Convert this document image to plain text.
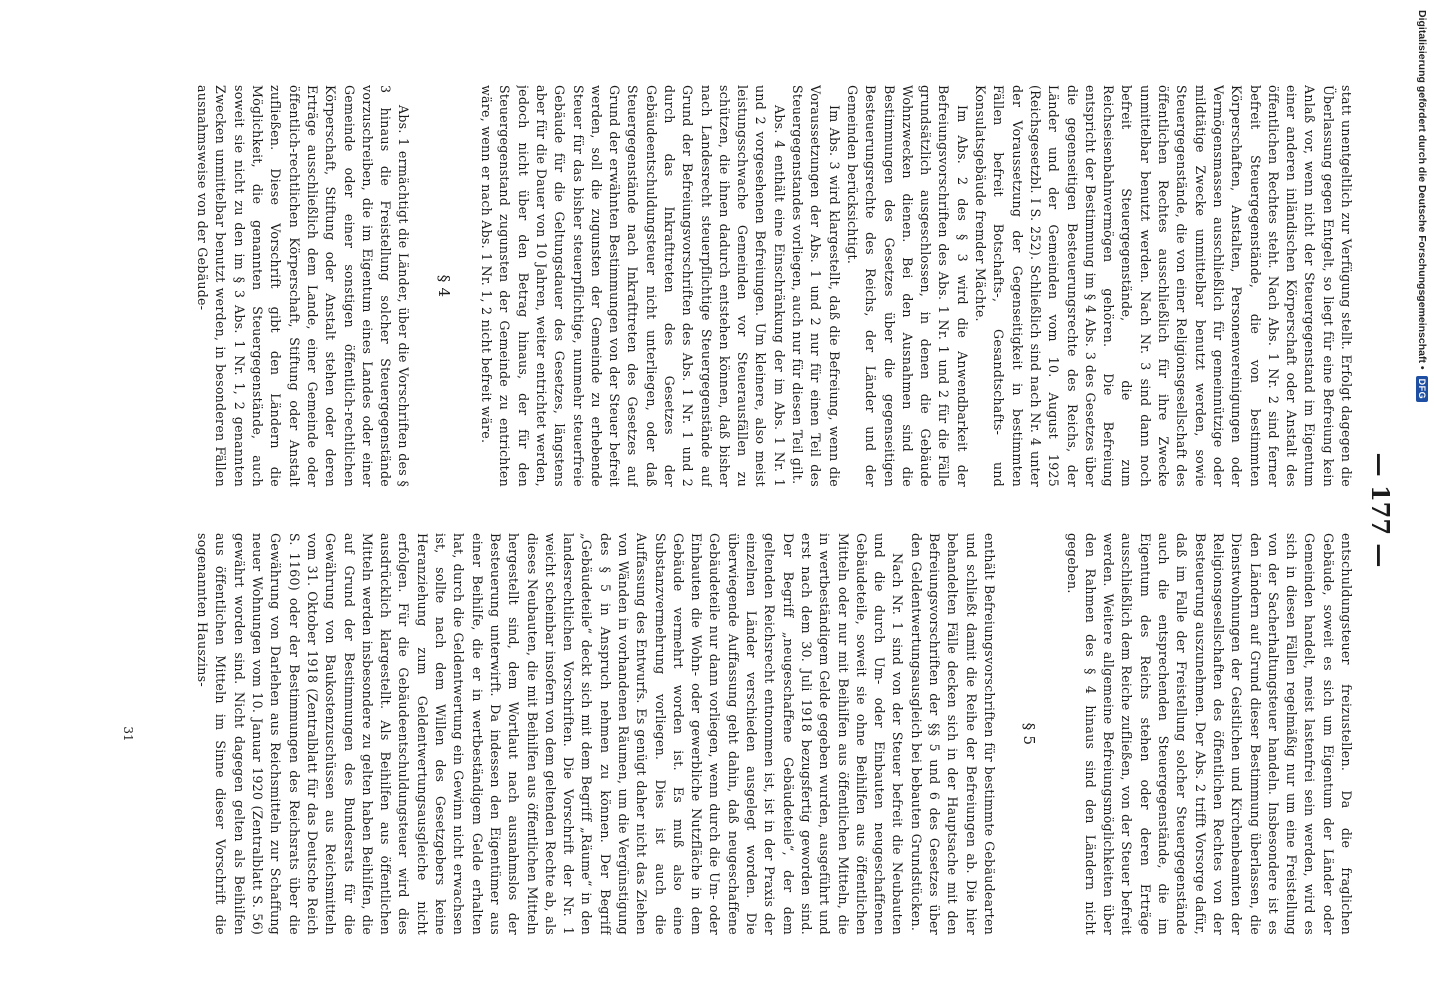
— 177 —

statt unentgeltlich zur Verfügung stellt. Erfolgt dagegen die Überlassung gegen Entgelt, so liegt für eine Befreiung kein Anlaß vor, wenn nicht der Steuergegenstand im Eigentum einer anderen inländischen Körperschaft oder Anstalt des öffentlichen Rechtes steht. Nach Abs. 1 Nr. 2 sind ferner befreit Steuergegenstände, die von bestimmten Körperschaften, Anstalten, Personenvereinigungen oder Vermögensmassen ausschließlich für gemeinnützige oder mildtätige Zwecke unmittelbar benutzt werden, sowie Steuergegenstände, die von einer Religionsgesellschaft des öffentlichen Rechtes ausschließlich für ihre Zwecke unmittelbar benutzt werden. Nach Nr. 3 sind dann noch befreit Steuergegenstände, die zum Reichseisenbahnvermögen gehören. Die Befreiung entspricht der Bestimmung im § 4 Abs. 3 des Gesetzes über die gegenseitigen Besteuerungsrechte des Reichs, der Länder und der Gemeinden vom 10. August 1925 (Reichsgesetzbl. I S. 252). Schließlich sind nach Nr. 4 unter der Voraussetzung der Gegenseitigkeit in bestimmten Fällen befreit Botschafts-, Gesandtschafts- und Konsulatsgebäude fremder Mächte.

Im Abs. 2 des § 3 wird die Anwendbarkeit der Befreiungsvorschriften des Abs. 1 Nr. 1 und 2 für die Fälle grundsätzlich ausgeschlossen, in denen die Gebäude Wohnzwecken dienen. Bei den Ausnahmen sind die Bestimmungen des Gesetzes über die gegenseitigen Besteuerungsrechte des Reichs, der Länder und der Gemeinden berücksichtigt.

Im Abs. 3 wird klargestellt, daß die Befreiung, wenn die Voraussetzungen der Abs. 1 und 2 nur für einen Teil des Steuergegenstandes vorliegen, auch nur für diesen Teil gilt.

Abs. 4 enthält eine Einschränkung der im Abs. 1 Nr. 1 und 2 vorgesehenen Befreiungen. Um kleinere, also meist leistungsschwache Gemeinden vor Steuerausfällen zu schützen, die ihnen dadurch entstehen können, daß bisher nach Landesrecht steuerpflichtige Steuergegenstände auf Grund der Befreiungsvorschriften des Abs. 1 Nr. 1 und 2 durch das Inkrafttreten des Gesetzes der Gebäudeentschuldungsteuer nicht unterliegen, oder daß Steuergegenstände nach Inkrafttreten des Gesetzes auf Grund der erwähnten Bestimmungen von der Steuer befreit werden, soll die zugunsten der Gemeinde zu erhebende Steuer für das bisher steuerpflichtige, nunmehr steuerfreie Gebäude für die Geltungsdauer des Gesetzes, längstens aber für die Dauer von 10 Jahren, weiter entrichtet werden, jedoch nicht über den Betrag hinaus, der für den Steuergegenstand zugunsten der Gemeinde zu entrichten wäre, wenn er nach Abs. 1 Nr. 1, 2 nicht befreit wäre.

§ 4

Abs. 1 ermächtigt die Länder, über die Vorschriften des § 3 hinaus die Freistellung solcher Steuergegenstände vorzuschreiben, die im Eigentum eines Landes oder einer Gemeinde oder einer sonstigen öffentlich-rechtlichen Körperschaft, Stiftung oder Anstalt stehen oder deren Erträge ausschließlich dem Lande, einer Gemeinde oder öffentlich-rechtlichen Körperschaft, Stiftung oder Anstalt zufließen. Diese Vorschrift gibt den Ländern die Möglichkeit, die genannten Steuergegenstände, auch soweit sie nicht zu den im § 3 Abs. 1 Nr. 1, 2 genannten Zwecken unmittelbar benutzt werden, in besonderen Fällen ausnahmsweise von der Gebäude-

entschuldungsteuer freizustellen. Da die fraglichen Gebäude, soweit es sich um Eigentum der Länder oder Gemeinden handelt, meist lastenfrei sein werden, wird es sich in diesen Fällen regelmäßig nur um eine Freistellung von der Sacherhaltungsteuer handeln. Insbesondere ist es den Ländern auf Grund dieser Bestimmung überlassen, die Dienstwohnungen der Geistlichen und Kirchenbeamten der Religionsgesellschaften des öffentlichen Rechtes von der Besteuerung auszunehmen. Der Abs. 2 trifft Vorsorge dafür, daß im Falle der Freistellung solcher Steuergegenstände auch die entsprechenden Steuergegenstände, die im Eigentum des Reichs stehen oder deren Erträge ausschließlich dem Reiche zufließen, von der Steuer befreit werden. Weitere allgemeine Befreiungsmöglichkeiten über den Rahmen des § 4 hinaus sind den Ländern nicht gegeben.

§ 5

enthält Befreiungsvorschriften für bestimmte Gebäudearten und schließt damit die Reihe der Befreiungen ab. Die hier behandelten Fälle decken sich in der Hauptsache mit den Befreiungsvorschriften der §§ 5 und 6 des Gesetzes über den Geldentwertungsausgleich bei bebauten Grundstücken.

Nach Nr. 1 sind von der Steuer befreit die Neubauten und die durch Um- oder Einbauten neugeschaffenen Gebäudeteile, soweit sie ohne Beihilfen aus öffentlichen Mitteln oder nur mit Beihilfen aus öffentlichen Mitteln, die in wertbeständigem Gelde gegeben wurden, ausgeführt und erst nach dem 30. Juli 1918 bezugsfertig geworden sind. Der Begriff „neugeschaffene Gebäudeteile“, der dem geltenden Reichsrecht entnommen ist, ist in der Praxis der einzelnen Länder verschieden ausgelegt worden. Die überwiegende Auffassung geht dahin, daß neugeschaffene Gebäudeteile nur dann vorliegen, wenn durch die Um- oder Einbauten die Wohn- oder gewerbliche Nutzfläche in dem Gebäude vermehrt worden ist. Es muß also eine Substanzvermehrung vorliegen. Dies ist auch die Auffassung des Entwurfs. Es genügt daher nicht das Ziehen von Wänden in vorhandenen Räumen, um die Vergünstigung des § 5 in Anspruch nehmen zu können. Der Begriff „Gebäudeteile“ deckt sich mit dem Begriff „Räume“ in den landesrechtlichen Vorschriften. Die Vorschrift der Nr. 1 weicht scheinbar insofern von dem geltenden Rechte ab, als dieses Neubauten, die mit Beihilfen aus öffentlichen Mitteln hergestellt sind, dem Wortlaut nach ausnahmslos der Besteuerung unterwirft. Da indessen den Eigentümer aus einer Beihilfe, die er in wertbeständigem Gelde erhalten hat, durch die Geldentwertung ein Gewinn nicht erwachsen ist, sollte nach dem Willen des Gesetzgebers keine Heranziehung zum Geldentwertungsausgleiche nicht erfolgen. Für die Gebäudeentschuldungsteuer wird dies ausdrücklich klargestellt. Als Beihilfen aus öffentlichen Mitteln werden insbesondere zu gelten haben Beihilfen, die auf Grund der Bestimmungen des Bundesrats für die Gewährung von Baukostenzuschüssen aus Reichsmitteln vom 31. Oktober 1918 (Zentralblatt für das Deutsche Reich S. 1160) oder der Bestimmungen des Reichsrats über die Gewährung von Darlehen aus Reichsmitteln zur Schaffung neuer Wohnungen vom 10. Januar 1920 (Zentralblatt S. 56) gewährt worden sind. Nicht dagegen gelten als Beihilfen aus öffentlichen Mitteln im Sinne dieser Vorschrift die sogenannten Hauszins-

31
Digitalisierung gefördert durch die Deutsche Forschungsgemeinschaft •
DFG
